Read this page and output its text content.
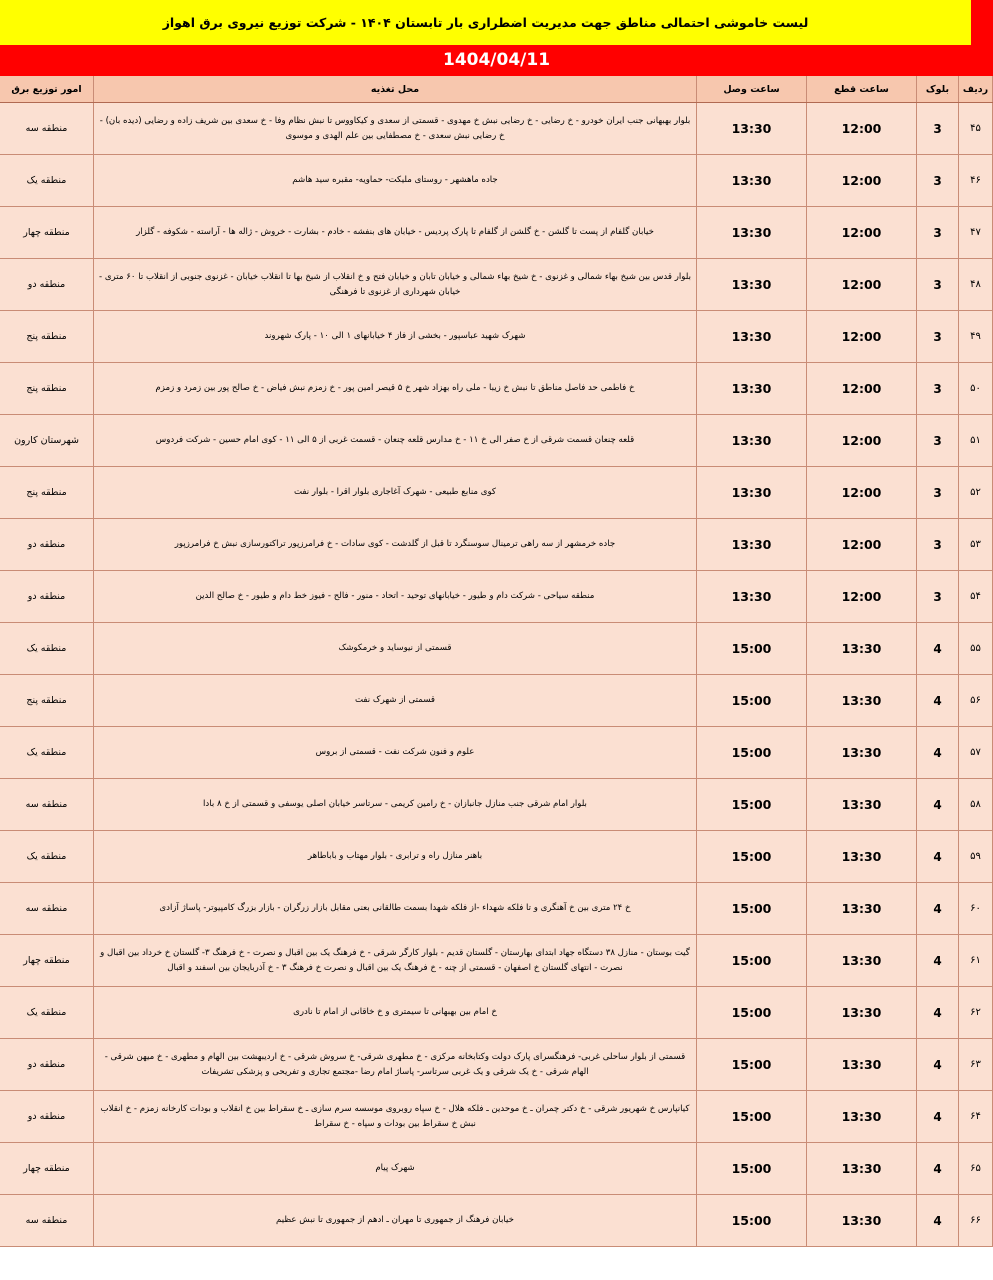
لیست خاموشی احتمالی مناطق جهت مدیریت اضطراری بار تابستان ۱۴۰۴ - شرکت توزیع نیروی برق اهواز
1404/04/11
ردیف	بلوک	ساعت قطع	ساعت وصل	محل تغذیه	امور توزیع برق
۴۵	3	12:00	13:30	بلوار بهبهانی جنب ایران خودرو - خ رضایی - خ رضایی نبش خ مهدوی - قسمتی از سعدی و کیکاووس تا نبش نظام وفا - خ سعدی بین شریف زاده و رضایی (دیده بان) - خ رضایی نبش سعدی - خ مصطفایی بین علم الهدی و موسوی	منطقه سه
۴۶	3	12:00	13:30	جاده ماهشهر - روستای ملیکت- حماویه- مقبره سید هاشم	منطقه یک
۴۷	3	12:00	13:30	خیابان گلفام از پست تا گلشن - خ گلشن از گلفام تا پارک پردیس - خیابان های بنفشه - خادم - بشارت - خروش - ژاله ها - آراسته - شکوفه - گلزار	منطقه چهار
۴۸	3	12:00	13:30	بلوار قدس بین شیخ بهاء شمالی و غزنوی - خ شیخ بهاء شمالی و خیابان تابان و خیابان فتح و خ انقلاب از شیخ بها تا انقلاب خیابان - غزنوی جنوبی از انقلاب تا ۶۰ متری - خیابان شهرداری از غزنوی تا فرهنگی	منطقه دو
۴۹	3	12:00	13:30	شهرک شهید عباسپور - بخشی از فاز ۴ خیابانهای ۱ الی ۱۰ - پارک شهروند	منطقه پنج
۵۰	3	12:00	13:30	خ فاطمی حد فاصل مناطق تا نبش خ زیبا - ملی راه بهزاد شهر خ ۵ قیصر امین پور - خ زمزم نبش فیاض - خ صالح پور بین زمرد و زمزم	منطقه پنج
۵۱	3	12:00	13:30	قلعه چنعان قسمت شرقی از خ صفر الی خ ۱۱ - خ مدارس قلعه چنعان - قسمت غربی از ۵ الی ۱۱ - کوی امام حسین - شرکت فردوس	شهرستان کارون
۵۲	3	12:00	13:30	کوی منابع طبیعی - شهرک آغاجاری بلوار اقرا - بلوار نفت	منطقه پنج
۵۳	3	12:00	13:30	جاده خرمشهر از سه راهی ترمینال سوسنگرد تا قبل از گلدشت - کوی سادات - خ فرامرزپور تراکتورسازی نبش خ فرامرزپور	منطقه دو
۵۴	3	12:00	13:30	منطقه سیاحی - شرکت دام و طیور - خیابانهای توحید - اتحاد - منور - فالح - فیوز خط دام و طیور - خ صالح الدین	منطقه دو
۵۵	4	13:30	15:00	قسمتی از نیوساید و خرمکوشک	منطقه یک
۵۶	4	13:30	15:00	قسمتی از شهرک نفت	منطقه پنج
۵۷	4	13:30	15:00	علوم و فنون شرکت نفت - قسمتی از بروس	منطقه یک
۵۸	4	13:30	15:00	بلوار امام شرقی جنب منازل جانبازان - خ رامین کریمی - سرتاسر خیابان اصلی یوسفی و قسمتی از خ ۸ بادا	منطقه سه
۵۹	4	13:30	15:00	باهنر منازل راه و ترابری - بلوار مهتاب و باباطاهر	منطقه یک
۶۰	4	13:30	15:00	خ ۲۴ متری بین خ آهنگری و تا فلکه شهداء -از فلکه شهدا بسمت طالقانی بعنی مقابل بازار زرگران - بازار بزرگ کامپیوتر- پاساژ آزادی	منطقه سه
۶۱	4	13:30	15:00	گیت بوستان - منازل ۳۸ دستگاه جهاد ابتدای بهارستان - گلستان قدیم - بلوار کارگر شرقی - خ فرهنگ یک بین اقبال و نصرت - خ فرهنگ ۳- گلستان خ خرداد بین اقبال و نصرت - انتهای گلستان خ اصفهان - قسمتی از چنه - خ فرهنگ یک بین اقبال و نصرت خ فرهنگ ۳ - خ آذربایجان بین اسفند و اقبال	منطقه چهار
۶۲	4	13:30	15:00	خ امام بین بهبهانی تا سیمتری و خ خاقانی از امام تا نادری	منطقه یک
۶۳	4	13:30	15:00	قسمتی از بلوار ساحلی غربی- فرهنگسرای پارک دولت وکتابخانه مرکزی - خ مطهری شرقی- خ سروش شرقی - خ اردیبهشت بین الهام و مطهری - خ میهن شرقی - الهام شرقی - خ یک شرقی و یک غربی سرتاسر- پاساژ امام رضا -مجتمع تجاری و تفریحی و پزشکی تشریفات	منطقه دو
۶۴	4	13:30	15:00	کیانپارس خ شهریور شرقی - خ دکتر چمران ـ خ موحدین ـ فلکه هلال - خ سپاه روبروی موسسه سرم سازی ـ خ سقراط بین خ انقلاب و بودات کارخانه زمزم - خ انقلاب نبش خ سقراط بین بودات و سپاه - خ سقراط	منطقه دو
۶۵	4	13:30	15:00	شهرک پیام	منطقه چهار
۶۶	4	13:30	15:00	خیابان فرهنگ از جمهوری تا مهران ـ ادهم از جمهوری تا نبش عظیم	منطقه سه
